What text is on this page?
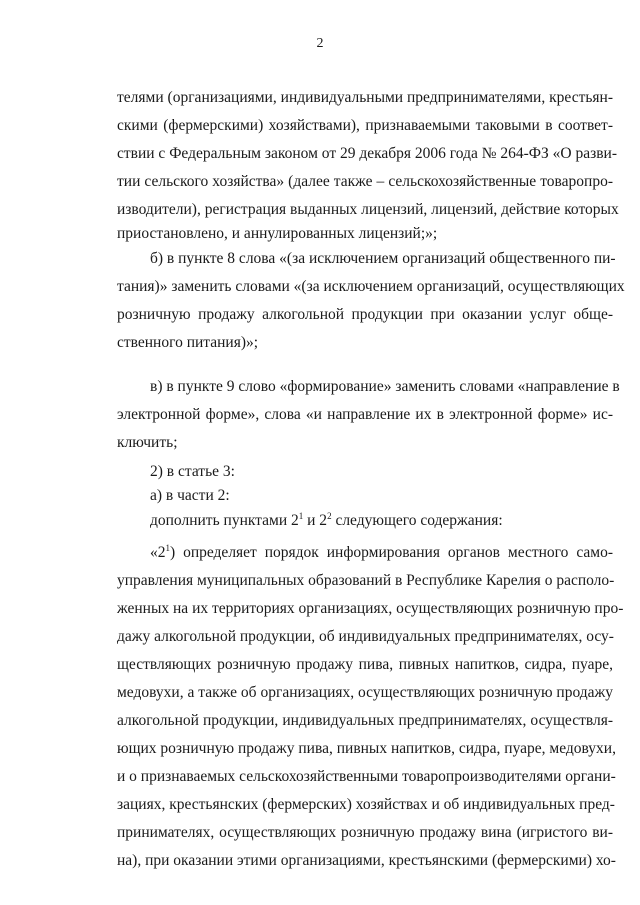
2
телями (организациями, индивидуальными предпринимателями, крестьян-
скими (фермерскими) хозяйствами), признаваемыми таковыми в соответ-
ствии с Федеральным законом от 29 декабря 2006 года № 264-ФЗ «О разви-
тии сельского хозяйства» (далее также – сельскохозяйственные товаропро-
изводители), регистрация выданных лицензий, лицензий, действие которых
приостановлено, и аннулированных лицензий;»;
б) в пункте 8 слова «(за исключением организаций общественного пи-
тания)» заменить словами «(за исключением организаций, осуществляющих
розничную продажу алкогольной продукции при оказании услуг обще-
ственного питания)»;
в) в пункте 9 слово «формирование» заменить словами «направление в
электронной форме», слова «и направление их в электронной форме» ис-
ключить;
2) в статье 3:
а) в части 2:
дополнить пунктами $2^1$ и $2^2$ следующего содержания:
«$2^1$) определяет порядок информирования органов местного само-
управления муниципальных образований в Республике Карелия о располо-
женных на их территориях организациях, осуществляющих розничную про-
дажу алкогольной продукции, об индивидуальных предпринимателях, осу-
ществляющих розничную продажу пива, пивных напитков, сидра, пуаре,
медовухи, а также об организациях, осуществляющих розничную продажу
алкогольной продукции, индивидуальных предпринимателях, осуществля-
ющих розничную продажу пива, пивных напитков, сидра, пуаре, медовухи,
и о признаваемых сельскохозяйственными товаропроизводителями органи-
зациях, крестьянских (фермерских) хозяйствах и об индивидуальных пред-
принимателях, осуществляющих розничную продажу вина (игристого ви-
на), при оказании этими организациями, крестьянскими (фермерскими) хо-
